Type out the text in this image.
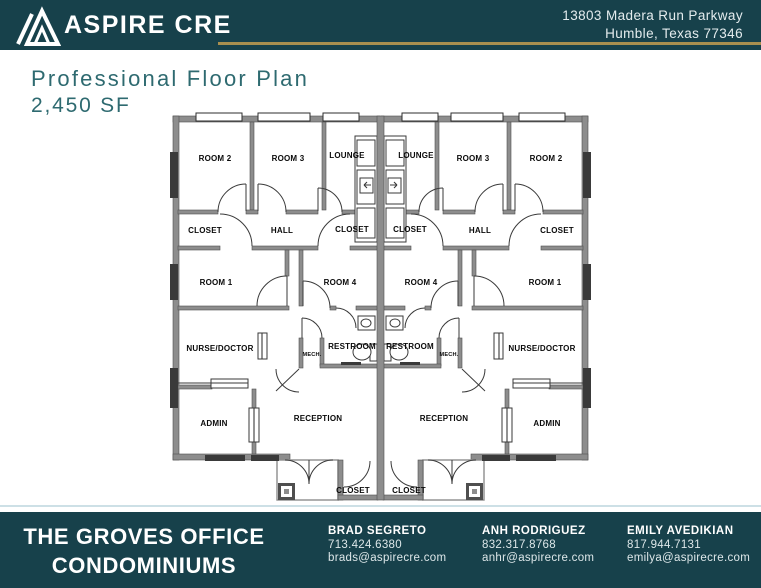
ASPIRE CRE	13803 Madera Run Parkway
Humble, Texas 77346
Professional Floor Plan
2,450 SF
ROOM 2	ROOM 3	LOUNGE
CLOSET	HALL	CLOSET
ROOM 1	ROOM 4
NURSE/DOCTOR
MECH.
RESTROOM
ADMIN
RECEPTION
CLOSET
LOUNGE	ROOM 3	ROOM 2
CLOSET	HALL	CLOSET
ROOM 4	ROOM 1
RESTROOM
MECH.
NURSE/DOCTOR
RECEPTION
ADMIN
CLOSET
THE GROVES OFFICE
CONDOMINIUMS
BRAD SEGRETO
713.424.6380
brads@aspirecre.com
ANH RODRIGUEZ
832.317.8768
anhr@aspirecre.com
EMILY AVEDIKIAN
817.944.7131
emilya@aspirecre.com
